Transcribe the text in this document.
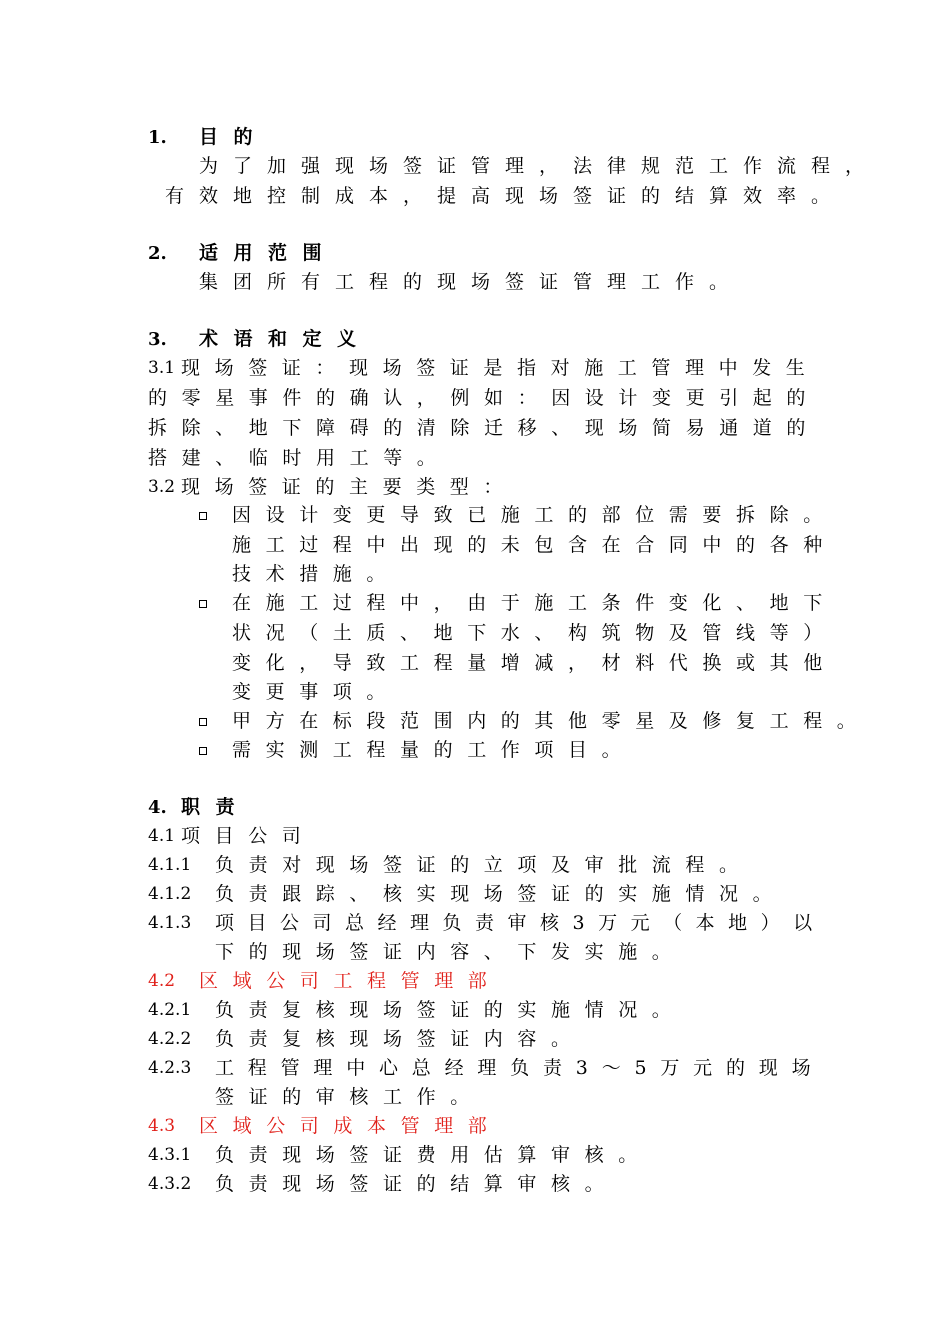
1. 目的
为了加强现场签证管理，法律规范工作流程，
有效地控制成本，提高现场签证的结算效率。
2. 适用范围
集团所有工程的现场签证管理工作。
3. 术语和定义
3.1 现场签证：现场签证是指对施工管理中发生
的零星事件的确认，例如：因设计变更引起的
拆除、地下障碍的清除迁移、现场简易通道的
搭建、临时用工等。
3.2 现场签证的主要类型：
因设计变更导致已施工的部位需要拆除。
施工过程中出现的未包含在合同中的各种
技术措施。
在施工过程中，由于施工条件变化、地下
状况（土质、地下水、构筑物及管线等）
变化，导致工程量增减，材料代换或其他
变更事项。
甲方在标段范围内的其他零星及修复工程。
需实测工程量的工作项目。
4. 职责
4.1 项目公司
4.1.1 负责对现场签证的立项及审批流程。
4.1.2 负责跟踪、核实现场签证的实施情况。
4.1.3 项目公司总经理负责审核3万元（本地）以
下的现场签证内容、下发实施。
4.2 区域公司工程管理部
4.2.1 负责复核现场签证的实施情况。
4.2.2 负责复核现场签证内容。
4.2.3 工程管理中心总经理负责3～5万元的现场
签证的审核工作。
4.3 区域公司成本管理部
4.3.1 负责现场签证费用估算审核。
4.3.2 负责现场签证的结算审核。
